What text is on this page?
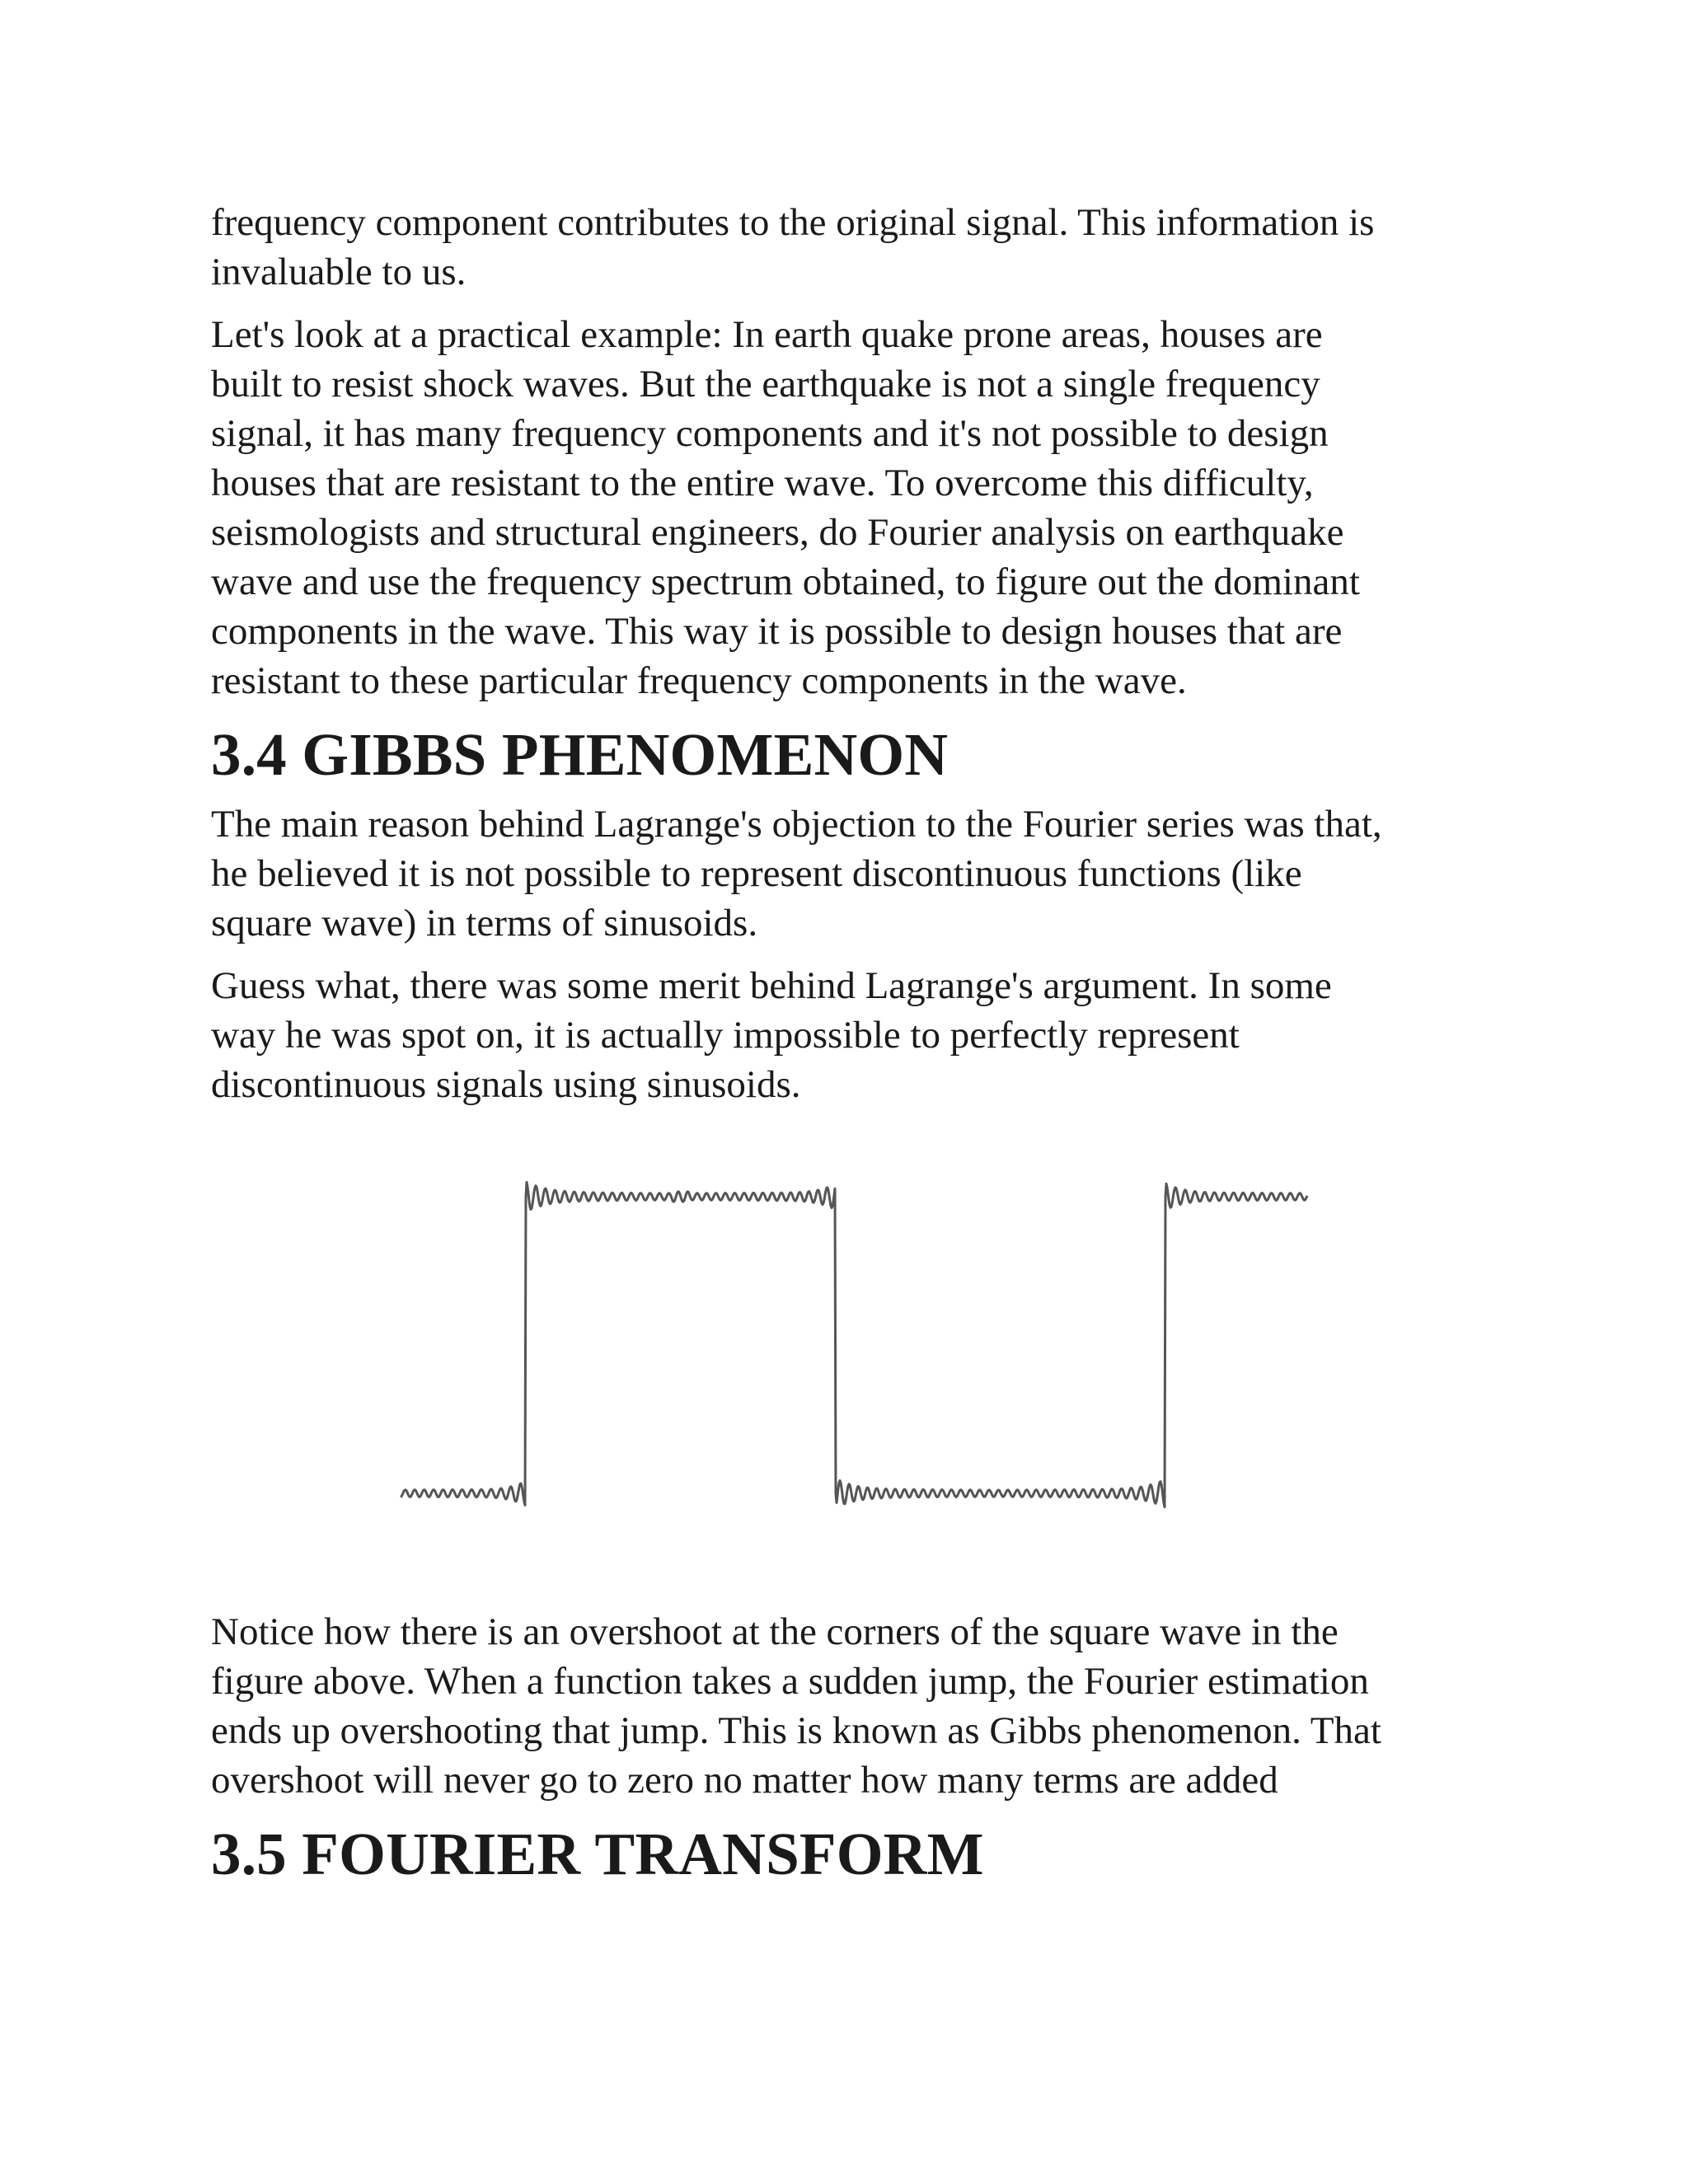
frequency component contributes to the original signal. This information is
invaluable to us.

Let's look at a practical example: In earth quake prone areas, houses are
built to resist shock waves. But the earthquake is not a single frequency
signal, it has many frequency components and it's not possible to design
houses that are resistant to the entire wave. To overcome this difficulty,
seismologists and structural engineers, do Fourier analysis on earthquake
wave and use the frequency spectrum obtained, to figure out the dominant
components in the wave. This way it is possible to design houses that are
resistant to these particular frequency components in the wave.

3.4 GIBBS PHENOMENON

The main reason behind Lagrange's objection to the Fourier series was that,
he believed it is not possible to represent discontinuous functions (like
square wave) in terms of sinusoids.

Guess what, there was some merit behind Lagrange's argument. In some
way he was spot on, it is actually impossible to perfectly represent
discontinuous signals using sinusoids.

Notice how there is an overshoot at the corners of the square wave in the
figure above. When a function takes a sudden jump, the Fourier estimation
ends up overshooting that jump. This is known as Gibbs phenomenon. That
overshoot will never go to zero no matter how many terms are added

3.5 FOURIER TRANSFORM
